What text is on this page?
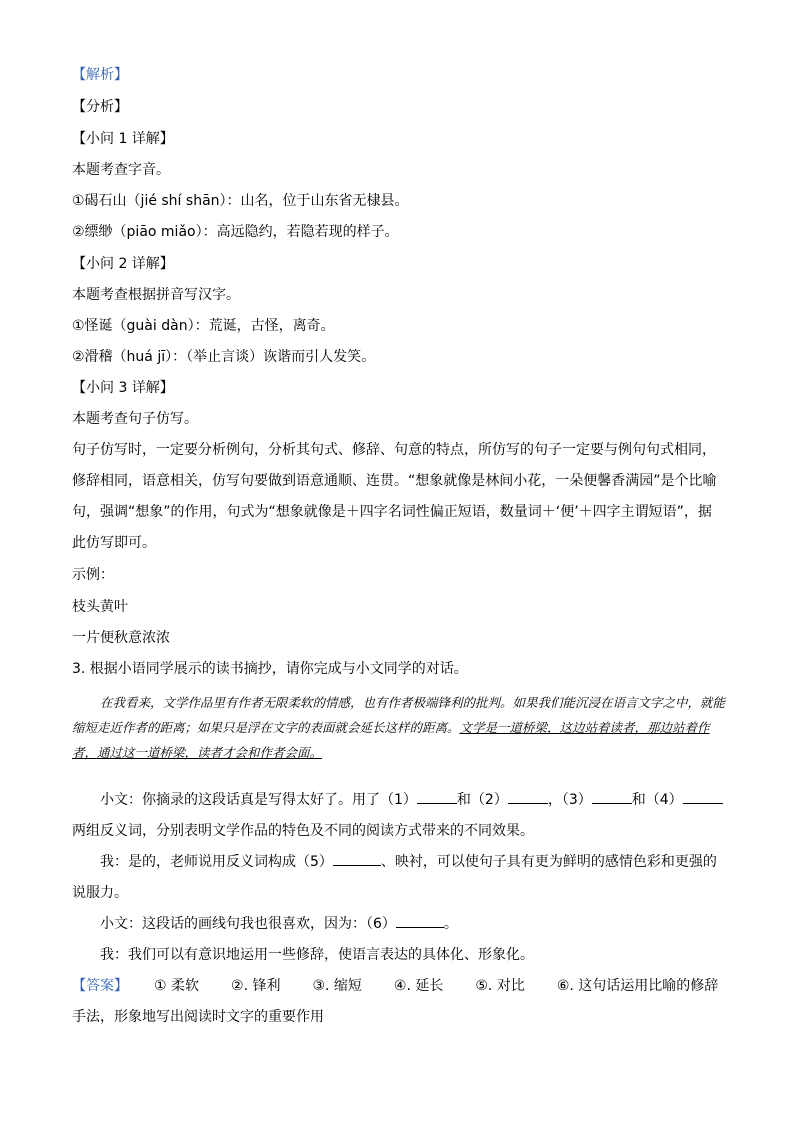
【解析】
【分析】
【小问 1 详解】
本题考查字音。
①碣石山（jié shí shān）：山名，位于山东省无棣县。
②缥缈（piāo miǎo）：高远隐约，若隐若现的样子。
【小问 2 详解】
本题考查根据拼音写汉字。
①怪诞（guài dàn）：荒诞，古怪，离奇。
②滑稽（huá jī）：（举止言谈）诙谐而引人发笑。
【小问 3 详解】
本题考查句子仿写。
句子仿写时，一定要分析例句，分析其句式、修辞、句意的特点，所仿写的句子一定要与例句句式相同，修辞相同，语意相关，仿写句要做到语意通顺、连贯。“想象就像是林间小花，一朵便馨香满园”是个比喻句，强调“想象”的作用，句式为“想象就像是＋四字名词性偏正短语，数量词＋‘便’＋四字主谓短语”，据此仿写即可。
示例：
枝头黄叶
一片便秋意浓浓
3. 根据小语同学展示的读书摘抄，请你完成与小文同学的对话。
在我看来，文学作品里有作者无限柔软的情感，也有作者极端锋利的批判。如果我们能沉浸在语言文字之中，就能缩短走近作者的距离；如果只是浮在文字的表面就会延长这样的距离。文学是一道桥梁，这边站着读者，那边站着作者，通过这一道桥梁，读者才会和作者会面。
小文：你摘录的这段话真是写得太好了。用了（1）	和（2）	，（3）	和（4）两组反义词，分别表明文学作品的特色及不同的阅读方式带来的不同效果。
我：是的，老师说用反义词构成（5）	、映衬，可以使句子具有更为鲜明的感情色彩和更强的说服力。
小文：这段话的画线句我也很喜欢，因为：（6）	。
我：我们可以有意识地运用一些修辞，使语言表达的具体化、形象化。
【答案】 ① 柔软 ②. 锋利 ③. 缩短 ④. 延长 ⑤. 对比 ⑥. 这句话运用比喻的修辞手法，形象地写出阅读时文字的重要作用
